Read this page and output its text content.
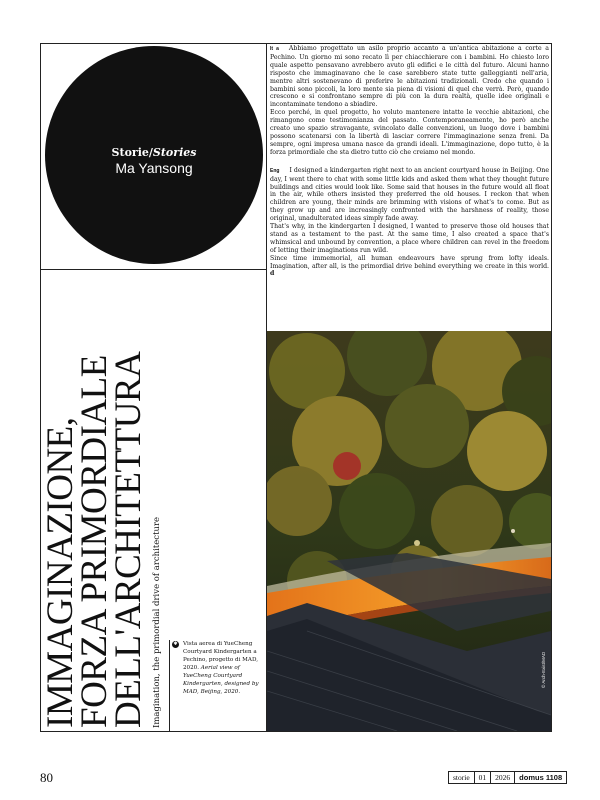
Storie/Stories
Ma Yansong
IMMAGINAZIONE,
FORZA PRIMORDIALE
DELL'ARCHITETTURA Imagination, the primordial drive of architecture ✱ Vista aerea di YueCheng Courtyard Kindergarten a Pechino, progetto di MAD, 2020. Aerial view of YueCheng Courtyard Kindergarten, designed by MAD, Beijing, 2020.

It a Abbiamo progettato un asilo proprio accanto a un'antica abitazione a corte a Pechino. Un giorno mi sono recato lì per chiacchierare con i bambini. Ho chiesto loro quale aspetto pensavano avrebbero avuto gli edifici e le città del futuro. Alcuni hanno risposto che immaginavano che le case sarebbero state tutte galleggianti nell'aria, mentre altri sostenevano di preferire le abitazioni tradizionali. Credo che quando i bambini sono piccoli, la loro mente sia piena di visioni di quel che verrà. Però, quando crescono e si confrontano sempre di più con la dura realtà, quelle idee originali e incontaminate tendono a sbiadire.

Ecco perché, in quel progetto, ho voluto mantenere intatte le vecchie abitazioni, che rimangono come testimonianza del passato. Contemporaneamente, ho però anche creato uno spazio stravagante, svincolato dalle convenzioni, un luogo dove i bambini possono scatenarsi con la libertà di lasciar correre l'immaginazione senza freni. Da sempre, ogni impresa umana nasce da grandi ideali. L'immaginazione, dopo tutto, è la forza primordiale che sta dietro tutto ciò che creiamo nel mondo.

Eng I designed a kindergarten right next to an ancient courtyard house in Beijing. One day, I went there to chat with some little kids and asked them what they thought future buildings and cities would look like. Some said that houses in the future would all float in the air, while others insisted they preferred the old houses. I reckon that when children are young, their minds are brimming with visions of what's to come. But as they grow up and are increasingly confronted with the harshness of reality, those original, unadulterated ideas simply fade away.

That's why, in the kindergarten I designed, I wanted to preserve those old houses that stand as a testament to the past. At the same time, I also created a space that's whimsical and unbound by convention, a place where children can revel in the freedom of letting their imaginations run wild.

Since time immemorial, all human endeavours have sprung from lofty ideals. Imagination, after all, is the primordial drive behind everything we create in this world. d

© Arch-Exist/MAD
80	storie	01	2026	domus 1108
